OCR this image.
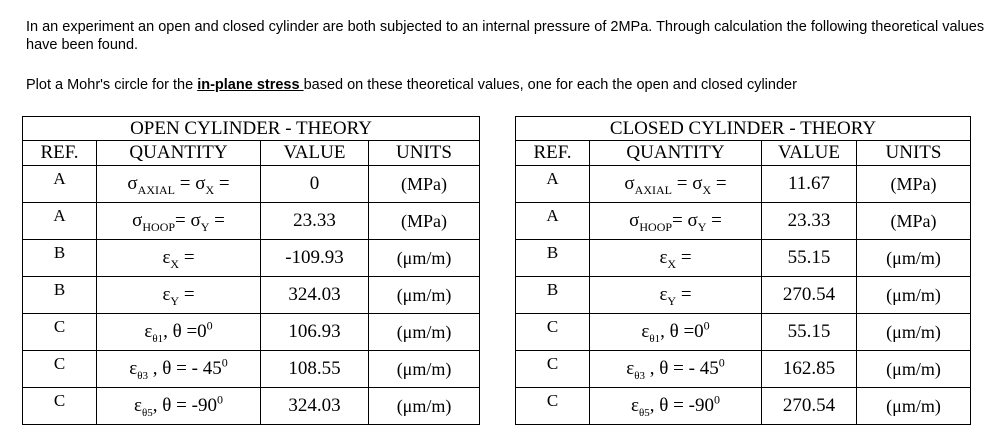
In an experiment an open and closed cylinder are both subjected to an internal pressure of 2MPa. Through calculation the following theoretical values have been found.
Plot a Mohr's circle for the in-plane stress based on these theoretical values, one for each the open and closed cylinder
OPEN CYLINDER - THEORY			
REF.	QUANTITY	VALUE	UNITS
A	$\sigma_{AXIAL} = \sigma_X$ =	0	(MPa)
A	$\sigma_{HOOP}= \sigma_Y$ =	23.33	(MPa)
B	$\varepsilon_X$ =	-109.93	(μm/m)
B	$\varepsilon_Y$ =	324.03	(μm/m)
C	$\varepsilon_{\theta 1}$, $\theta =0^0$	106.93	(μm/m)
C	$\varepsilon_{\theta 3}$ , θ = - $45^0$	108.55	(μm/m)
C	$\varepsilon_{\theta 5}$, $\theta = -90^0$	324.03	(μm/m)
CLOSED CYLINDER - THEORY			
REF.	QUANTITY	VALUE	UNITS
A	$\sigma_{AXIAL} = \sigma_X$ =	11.67	(MPa)
A	$\sigma_{HOOP}= \sigma_Y$ =	23.33	(MPa)
B	$\varepsilon_X$ =	55.15	(μm/m)
B	$\varepsilon_Y$ =	270.54	(μm/m)
C	$\varepsilon_{\theta 1}$, $\theta =0^0$	55.15	(μm/m)
C	$\varepsilon_{\theta 3}$ , θ = - $45^0$	162.85	(μm/m)
C	$\varepsilon_{\theta 5}$, $\theta = -90^0$	270.54	(μm/m)
